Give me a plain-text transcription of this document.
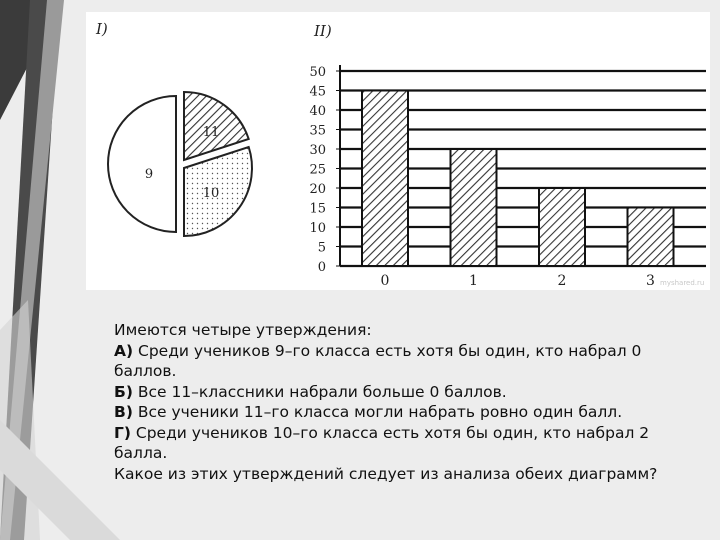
I)
9
11
10
II)
0
5
10
15
20
25
30
35
40
45
50
0	1	2	3 myshared.ru

Имеются четыре утверждения:

А) Среди учеников 9–го класса есть хотя бы один, кто набрал 0 баллов.

Б) Все 11–классники набрали больше 0 баллов.

В) Все ученики 11–го класса могли набрать ровно один балл.

Г) Среди учеников 10–го класса есть хотя бы один, кто набрал 2 балла.

Какое из этих утверждений следует из анализа обеих диаграмм?
